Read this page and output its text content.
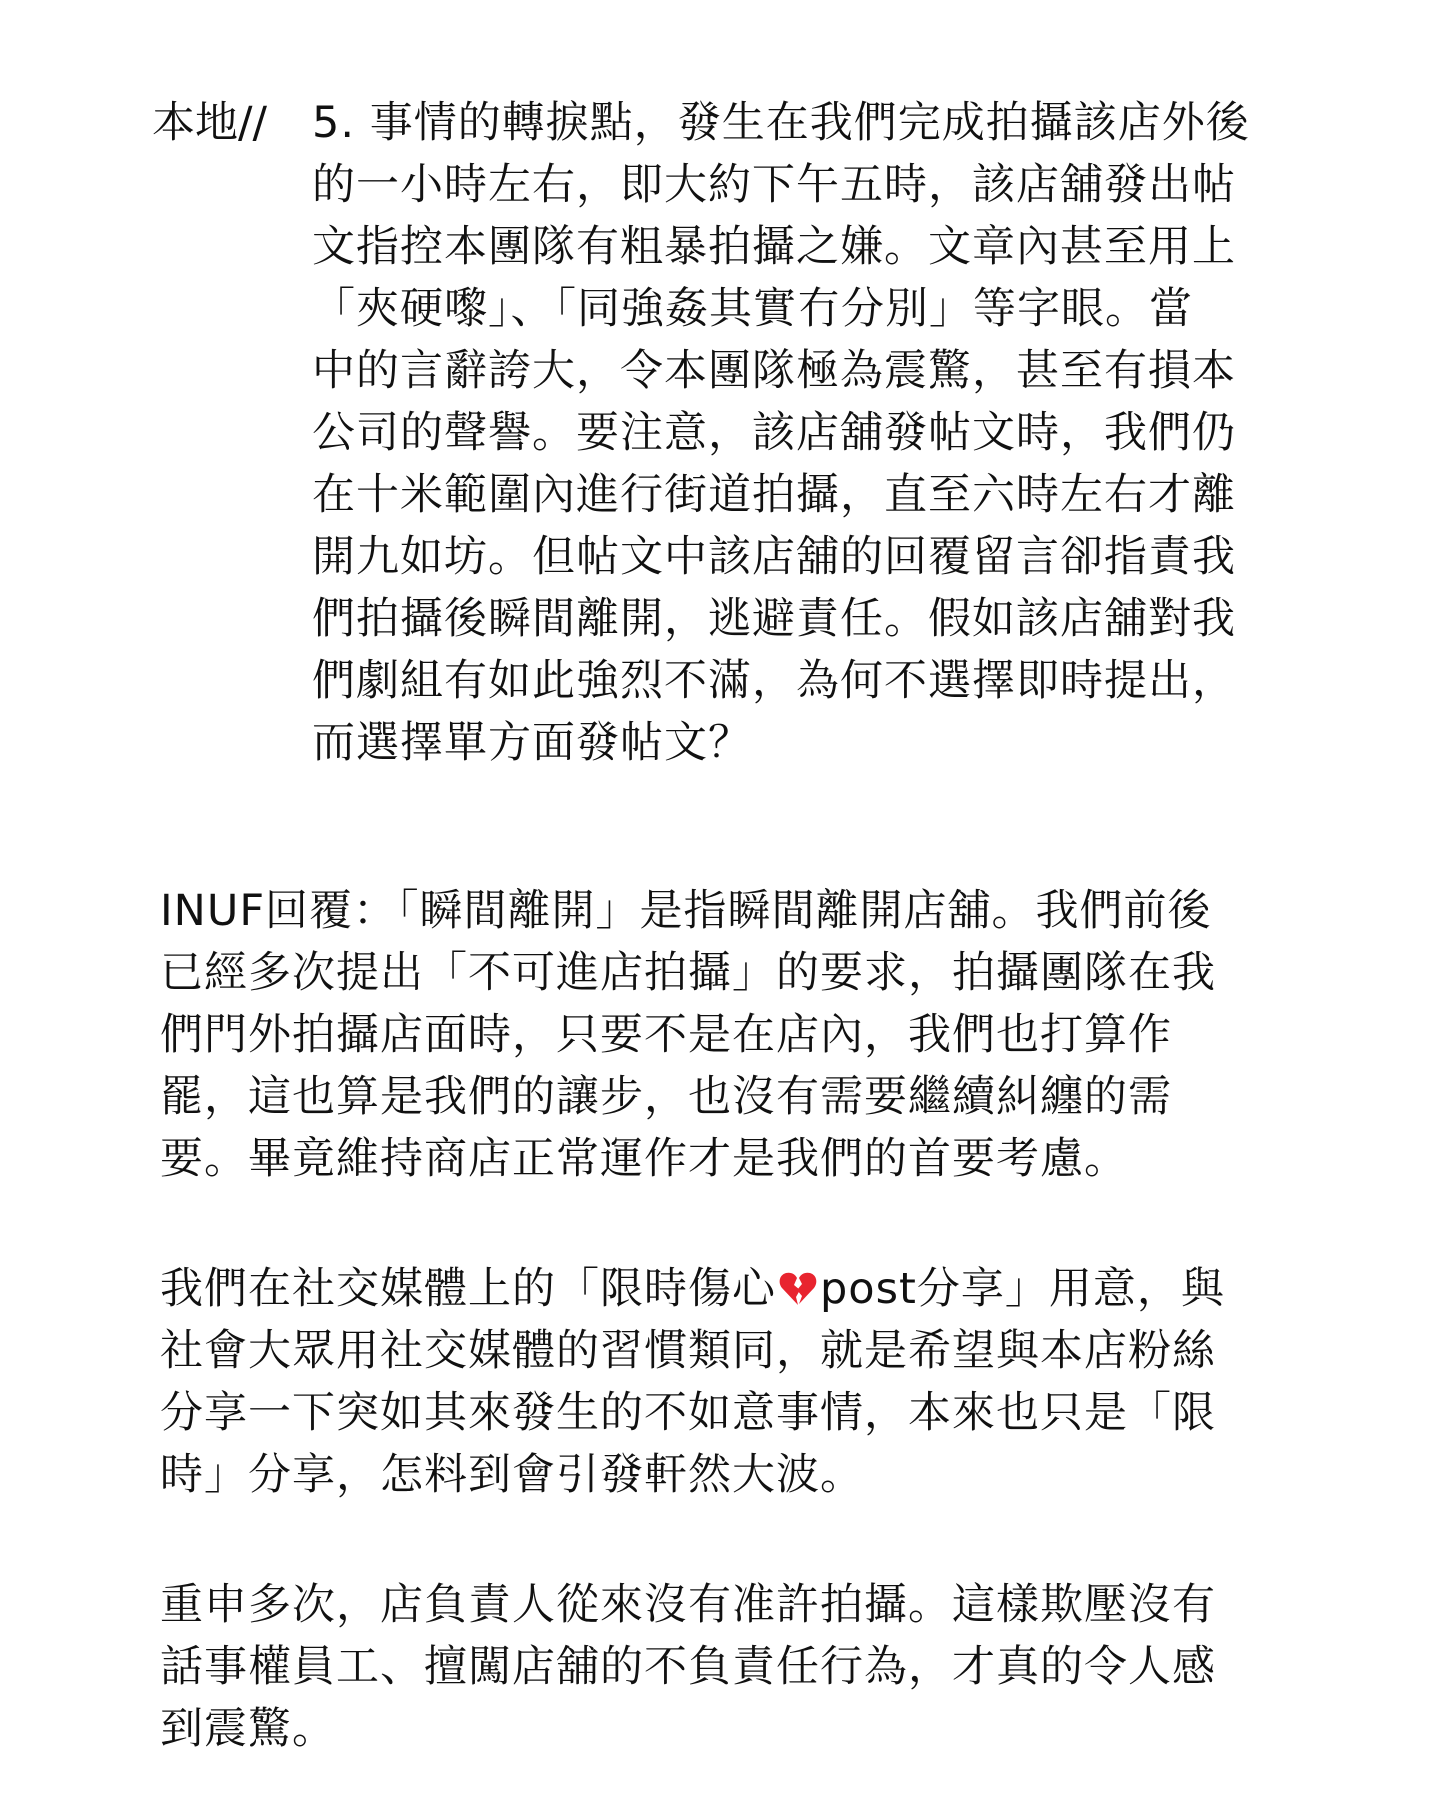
本地// 5. 事情的轉捩點，發生在我們完成拍攝該店外後
的一小時左右，即大約下午五時，該店舖發出帖
文指控本團隊有粗暴拍攝之嫌。文章內甚至用上
「夾硬嚟」、「同強姦其實冇分別」等字眼。當
中的言辭誇大，令本團隊極為震驚，甚至有損本
公司的聲譽。要注意，該店舖發帖文時，我們仍
在十米範圍內進行街道拍攝，直至六時左右才離
開九如坊。但帖文中該店舖的回覆留言卻指責我
們拍攝後瞬間離開，逃避責任。假如該店舖對我
們劇組有如此強烈不滿，為何不選擇即時提出，
而選擇單方面發帖文？
INUF回覆：「瞬間離開」是指瞬間離開店舖。我們前後
已經多次提出「不可進店拍攝」的要求，拍攝團隊在我
們門外拍攝店面時，只要不是在店內，我們也打算作
罷，這也算是我們的讓步，也沒有需要繼續糾纏的需
要。畢竟維持商店正常運作才是我們的首要考慮。
我們在社交媒體上的「限時傷心 post分享」用意，與
社會大眾用社交媒體的習慣類同，就是希望與本店粉絲
分享一下突如其來發生的不如意事情，本來也只是「限
時」分享，怎料到會引發軒然大波。
重申多次，店負責人從來沒有准許拍攝。這樣欺壓沒有
話事權員工、擅闖店舖的不負責任行為，才真的令人感
到震驚。
